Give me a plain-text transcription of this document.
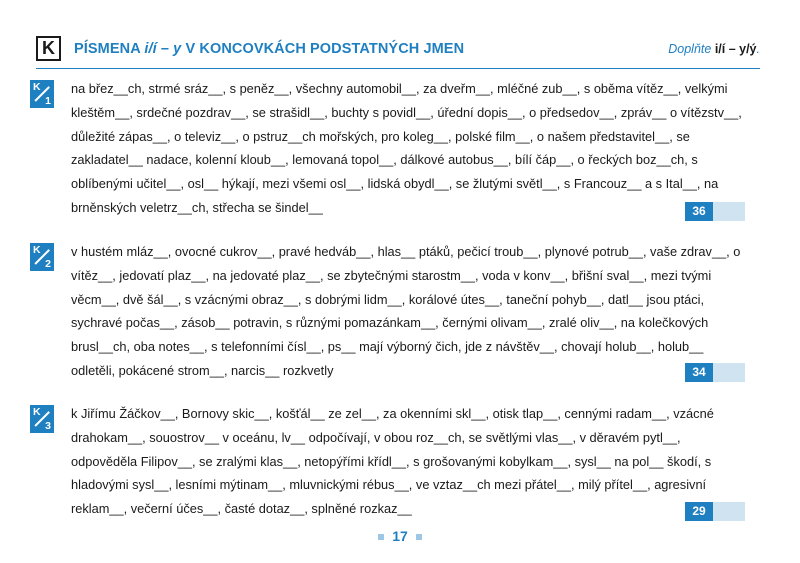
K	PÍSMENA i/í – y V KONCOVKÁCH PODSTATNÝCH JMEN	Doplňte i/í – y/ý.
K
1
na břez__ch, strmé sráz__, s peněz__, všechny automobil__, za dveřm__, mléčné zub__, s oběma vítěz__, velkými kleštěm__, srdečné pozdrav__, se strašidl__, buchty s povidl__, úřední dopis__, o předsedov__, zpráv__ o vítězstv__, důležité zápas__, o televiz__, o pstruz__ch mořských, pro koleg__, polské film__, o našem představitel__, se zakladatel__ nadace, kolenní kloub__, lemovaná topol__, dálkové autobus__, bílí čáp__, o řeckých boz__ch, s oblíbenými učitel__, osl__ hýkají, mezi všemi osl__, lidská obydl__, se žlutými světl__, s Francouz__ a s Ital__, na brněnských veletrz__ch, střecha se šindel__	36
K
2
v hustém mláz__, ovocné cukrov__, pravé hedváb__, hlas__ ptáků, pečicí troub__, plynové potrub__, vaše zdrav__, o vítěz__, jedovatí plaz__, na jedovaté plaz__, se zbytečnými starostm__, voda v konv__, břišní sval__, mezi tvými věcm__, dvě šál__, s vzácnými obraz__, s dobrými lidm__, korálové útes__, taneční pohyb__, datl__ jsou ptáci, sychravé počas__, zásob__ potravin, s různými pomazánkam__, černými olivam__, zralé oliv__, na kolečkových brusl__ch, oba notes__, s telefonními čísl__, ps__ mají výborný čich, jde z návštěv__, chovají holub__, holub__ odletěli, pokácené strom__, narcis__ rozkvetly	34
K
3
k Jiřímu Žáčkov__, Bornovy skic__, košťál__ ze zel__, za okenními skl__, otisk tlap__, cennými radam__, vzácné drahokam__, souostrov__ v oceánu, lv__ odpočívají, v obou roz__ch, se světlými vlas__, v děravém pytl__, odpověděla Filipov__, se zralými klas__, netopýřími křídl__, s grošovanými kobylkam__, sysl__ na pol__ škodí, s hladovými sysl__, lesními mýtinam__, mluvnickými rébus__, ve vztaz__ch mezi přátel__, milý přítel__, agresivní reklam__, večerní účes__, časté dotaz__, splněné rozkaz__	29
17
